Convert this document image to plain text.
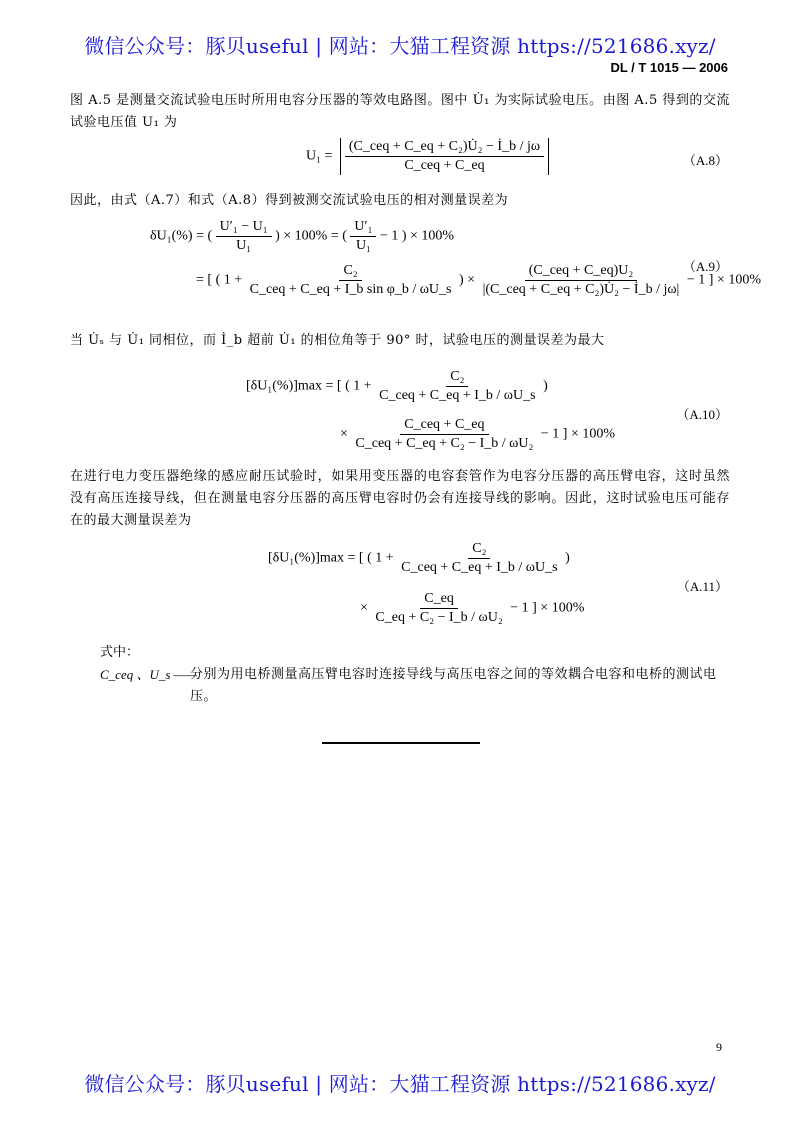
微信公众号：豚贝useful | 网站：大猫工程资源 https://521686.xyz/
DL / T 1015 — 2006
图 A.5 是测量交流试验电压时所用电容分压器的等效电路图。图中 U̇₁ 为实际试验电压。由图 A.5 得到的交流试验电压值 U₁ 为
$U_1 = \frac{\text{(C\_ceq + C\_eq + C₂)U̇₂ − İ\_b / jω}}{\text{C\_ceq + C\_eq}}$	（A.8）
因此，由式（A.7）和式（A.8）得到被测交流试验电压的相对测量误差为
δU₁(%) = ( $\frac{\text{U′₁ − U₁}}{\text{U₁}}$ ) × 100% = ( $\frac{\text{U′₁}}{\text{U₁}} - 1$ ) × 100%
= [ ( $1 + \frac{\text{C₂}}{\text{C\_ceq + C\_eq + I\_b sin φ\_b / ωU\_s}}$ ) × $\frac{\text{(C\_ceq + C\_eq)U₂}}{\text{|(C\_ceq + C\_eq + C₂)U̇₂ − İ\_b / jω|}} - 1$ ] × 100%
（A.9）
当 U̇ₛ 与 U̇₁ 同相位，而 İ_b 超前 U̇₁ 的相位角等于 90° 时，试验电压的测量误差为最大
[δU₁(%)]max = [ ( $1 + \frac{\text{C₂}}{\text{C\_ceq + C\_eq + I\_b / ωU\_s}}$ )
× $\frac{\text{C\_ceq + C\_eq}}{\text{C\_ceq + C\_eq + C₂ − I\_b / ωU₂}} - 1$ ] × 100%
（A.10）
在进行电力变压器绝缘的感应耐压试验时，如果用变压器的电容套管作为电容分压器的高压臂电容，这时虽然没有高压连接导线，但在测量电容分压器的高压臂电容时仍会有连接导线的影响。因此，这时试验电压可能存在的最大测量误差为
[δU₁(%)]max = [ ( $1 + \frac{\text{C₂}}{\text{C\_ceq + C\_eq + I\_b / ωU\_s}}$ )
× $\frac{C\_eq}{\text{C\_eq + C₂ − I\_b / ωU₂}} - 1$ ] × 100%
（A.11）
式中：
C_ceq 、U_s ——
分别为用电桥测量高压臂电容时连接导线与高压电容之间的等效耦合电容和电桥的测试电压。
9
微信公众号：豚贝useful | 网站：大猫工程资源 https://521686.xyz/
